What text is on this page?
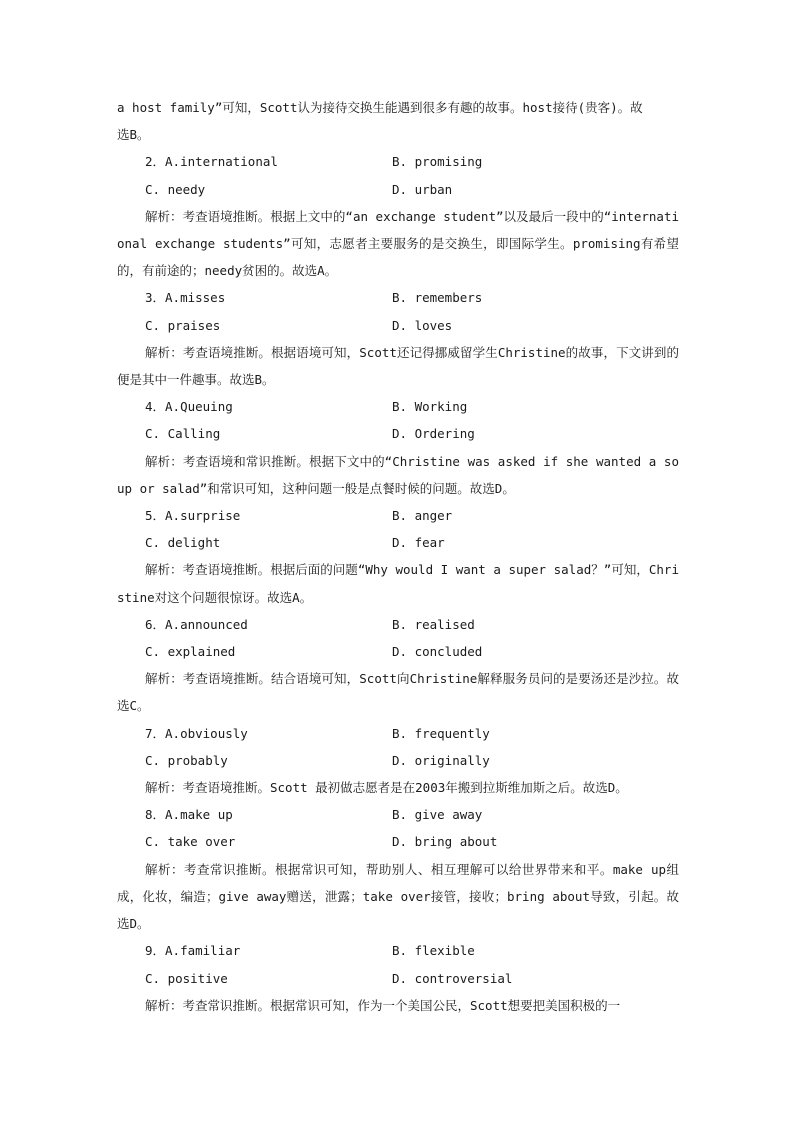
a host family”可知，Scott认为接待交换生能遇到很多有趣的故事。host接待(贵客)。故

选B。

2．A.international	B. promising
C. needy	D. urban

解析：考查语境推断。根据上文中的“an exchange student”以及最后一段中的“international exchange students”可知，志愿者主要服务的是交换生，即国际学生。promising有希望的，有前途的；needy贫困的。故选A。

3．A.misses	B. remembers
C. praises	D. loves

解析：考查语境推断。根据语境可知，Scott还记得挪威留学生Christine的故事，下文讲到的便是其中一件趣事。故选B。

4．A.Queuing	B. Working
C. Calling	D. Ordering

解析：考查语境和常识推断。根据下文中的“Christine was asked if she wanted a soup or salad”和常识可知，这种问题一般是点餐时候的问题。故选D。

5．A.surprise	B. anger
C. delight	D. fear

解析：考查语境推断。根据后面的问题“Why would I want a super salad？”可知，Christine对这个问题很惊讶。故选A。

6．A.announced	B. realised
C. explained	D. concluded

解析：考查语境推断。结合语境可知，Scott向Christine解释服务员问的是要汤还是沙拉。故选C。

7．A.obviously	B. frequently
C. probably	D. originally

解析：考查语境推断。Scott 最初做志愿者是在2003年搬到拉斯维加斯之后。故选D。

8．A.make up	B. give away
C. take over	D. bring about

解析：考查常识推断。根据常识可知，帮助别人、相互理解可以给世界带来和平。make up组成，化妆，编造；give away赠送，泄露；take over接管，接收；bring about导致，引起。故选D。

9．A.familiar	B. flexible
C. positive	D. controversial

解析：考查常识推断。根据常识可知，作为一个美国公民，Scott想要把美国积极的一
